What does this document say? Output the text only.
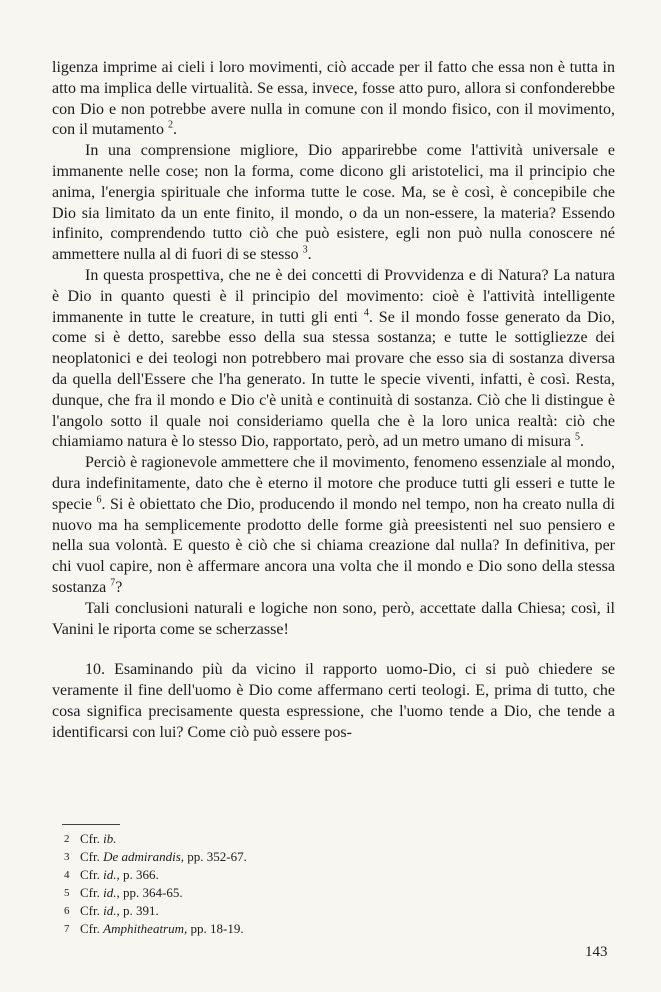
ligenza imprime ai cieli i loro movimenti, ciò accade per il fatto che essa non è tutta in atto ma implica delle virtualità. Se essa, invece, fosse atto puro, allora si confonderebbe con Dio e non potrebbe avere nulla in comune con il mondo fisico, con il movimento, con il mutamento $^2$.

In una comprensione migliore, Dio apparirebbe come l'attività universale e immanente nelle cose; non la forma, come dicono gli aristotelici, ma il principio che anima, l'energia spirituale che informa tutte le cose. Ma, se è così, è concepibile che Dio sia limitato da un ente finito, il mondo, o da un non-essere, la materia? Essendo infinito, comprendendo tutto ciò che può esistere, egli non può nulla conoscere né ammettere nulla al di fuori di se stesso $^3$.

In questa prospettiva, che ne è dei concetti di Provvidenza e di Natura? La natura è Dio in quanto questi è il principio del movimento: cioè è l'attività intelligente immanente in tutte le creature, in tutti gli enti $^4$. Se il mondo fosse generato da Dio, come si è detto, sarebbe esso della sua stessa sostanza; e tutte le sottigliezze dei neoplatonici e dei teologi non potrebbero mai provare che esso sia di sostanza diversa da quella dell'Essere che l'ha generato. In tutte le specie viventi, infatti, è così. Resta, dunque, che fra il mondo e Dio c'è unità e continuità di sostanza. Ciò che li distingue è l'angolo sotto il quale noi consideriamo quella che è la loro unica realtà: ciò che chiamiamo natura è lo stesso Dio, rapportato, però, ad un metro umano di misura $^5$.

Perciò è ragionevole ammettere che il movimento, fenomeno essenziale al mondo, dura indefinitamente, dato che è eterno il motore che produce tutti gli esseri e tutte le specie $^6$. Si è obiettato che Dio, producendo il mondo nel tempo, non ha creato nulla di nuovo ma ha semplicemente prodotto delle forme già preesistenti nel suo pensiero e nella sua volontà. E questo è ciò che si chiama creazione dal nulla? In definitiva, per chi vuol capire, non è affermare ancora una volta che il mondo e Dio sono della stessa sostanza $^7$?

Tali conclusioni naturali e logiche non sono, però, accettate dalla Chiesa; così, il Vanini le riporta come se scherzasse!

10. Esaminando più da vicino il rapporto uomo-Dio, ci si può chiedere se veramente il fine dell'uomo è Dio come affermano certi teologi. E, prima di tutto, che cosa significa precisamente questa espressione, che l'uomo tende a Dio, che tende a identificarsi con lui? Come ciò può essere pos-

2 Cfr. ib.
3 Cfr. De admirandis, pp. 352-67.
4 Cfr. id., p. 366.
5 Cfr. id., pp. 364-65.
6 Cfr. id., p. 391.
7 Cfr. Amphitheatrum, pp. 18-19.
143
